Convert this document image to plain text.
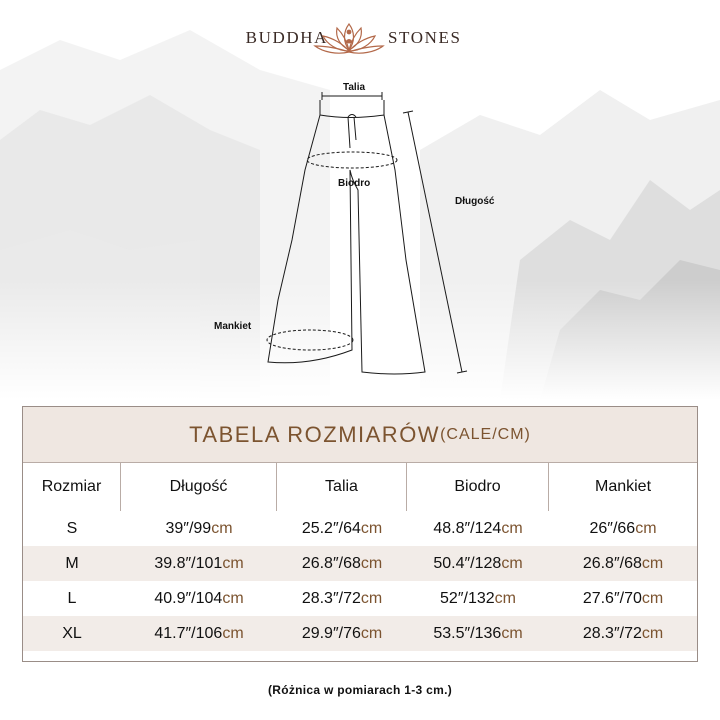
BUDDHA	STONES
Talia
Biodro
Długość
Mankiet
TABELA ROZMIARÓW (CALE/CM)
Rozmiar	Długość	Talia	Biodro	Mankiet
S	39″/99 cm	25.2″/64 cm	48.8″/124 cm	26″/66 cm
M	39.8″/101 cm	26.8″/68 cm	50.4″/128 cm	26.8″/68 cm
L	40.9″/104 cm	28.3″/72 cm	52″/132 cm	27.6″/70 cm
XL	41.7″/106 cm	29.9″/76 cm	53.5″/136 cm	28.3″/72 cm
(Różnica w pomiarach 1-3 cm.)
